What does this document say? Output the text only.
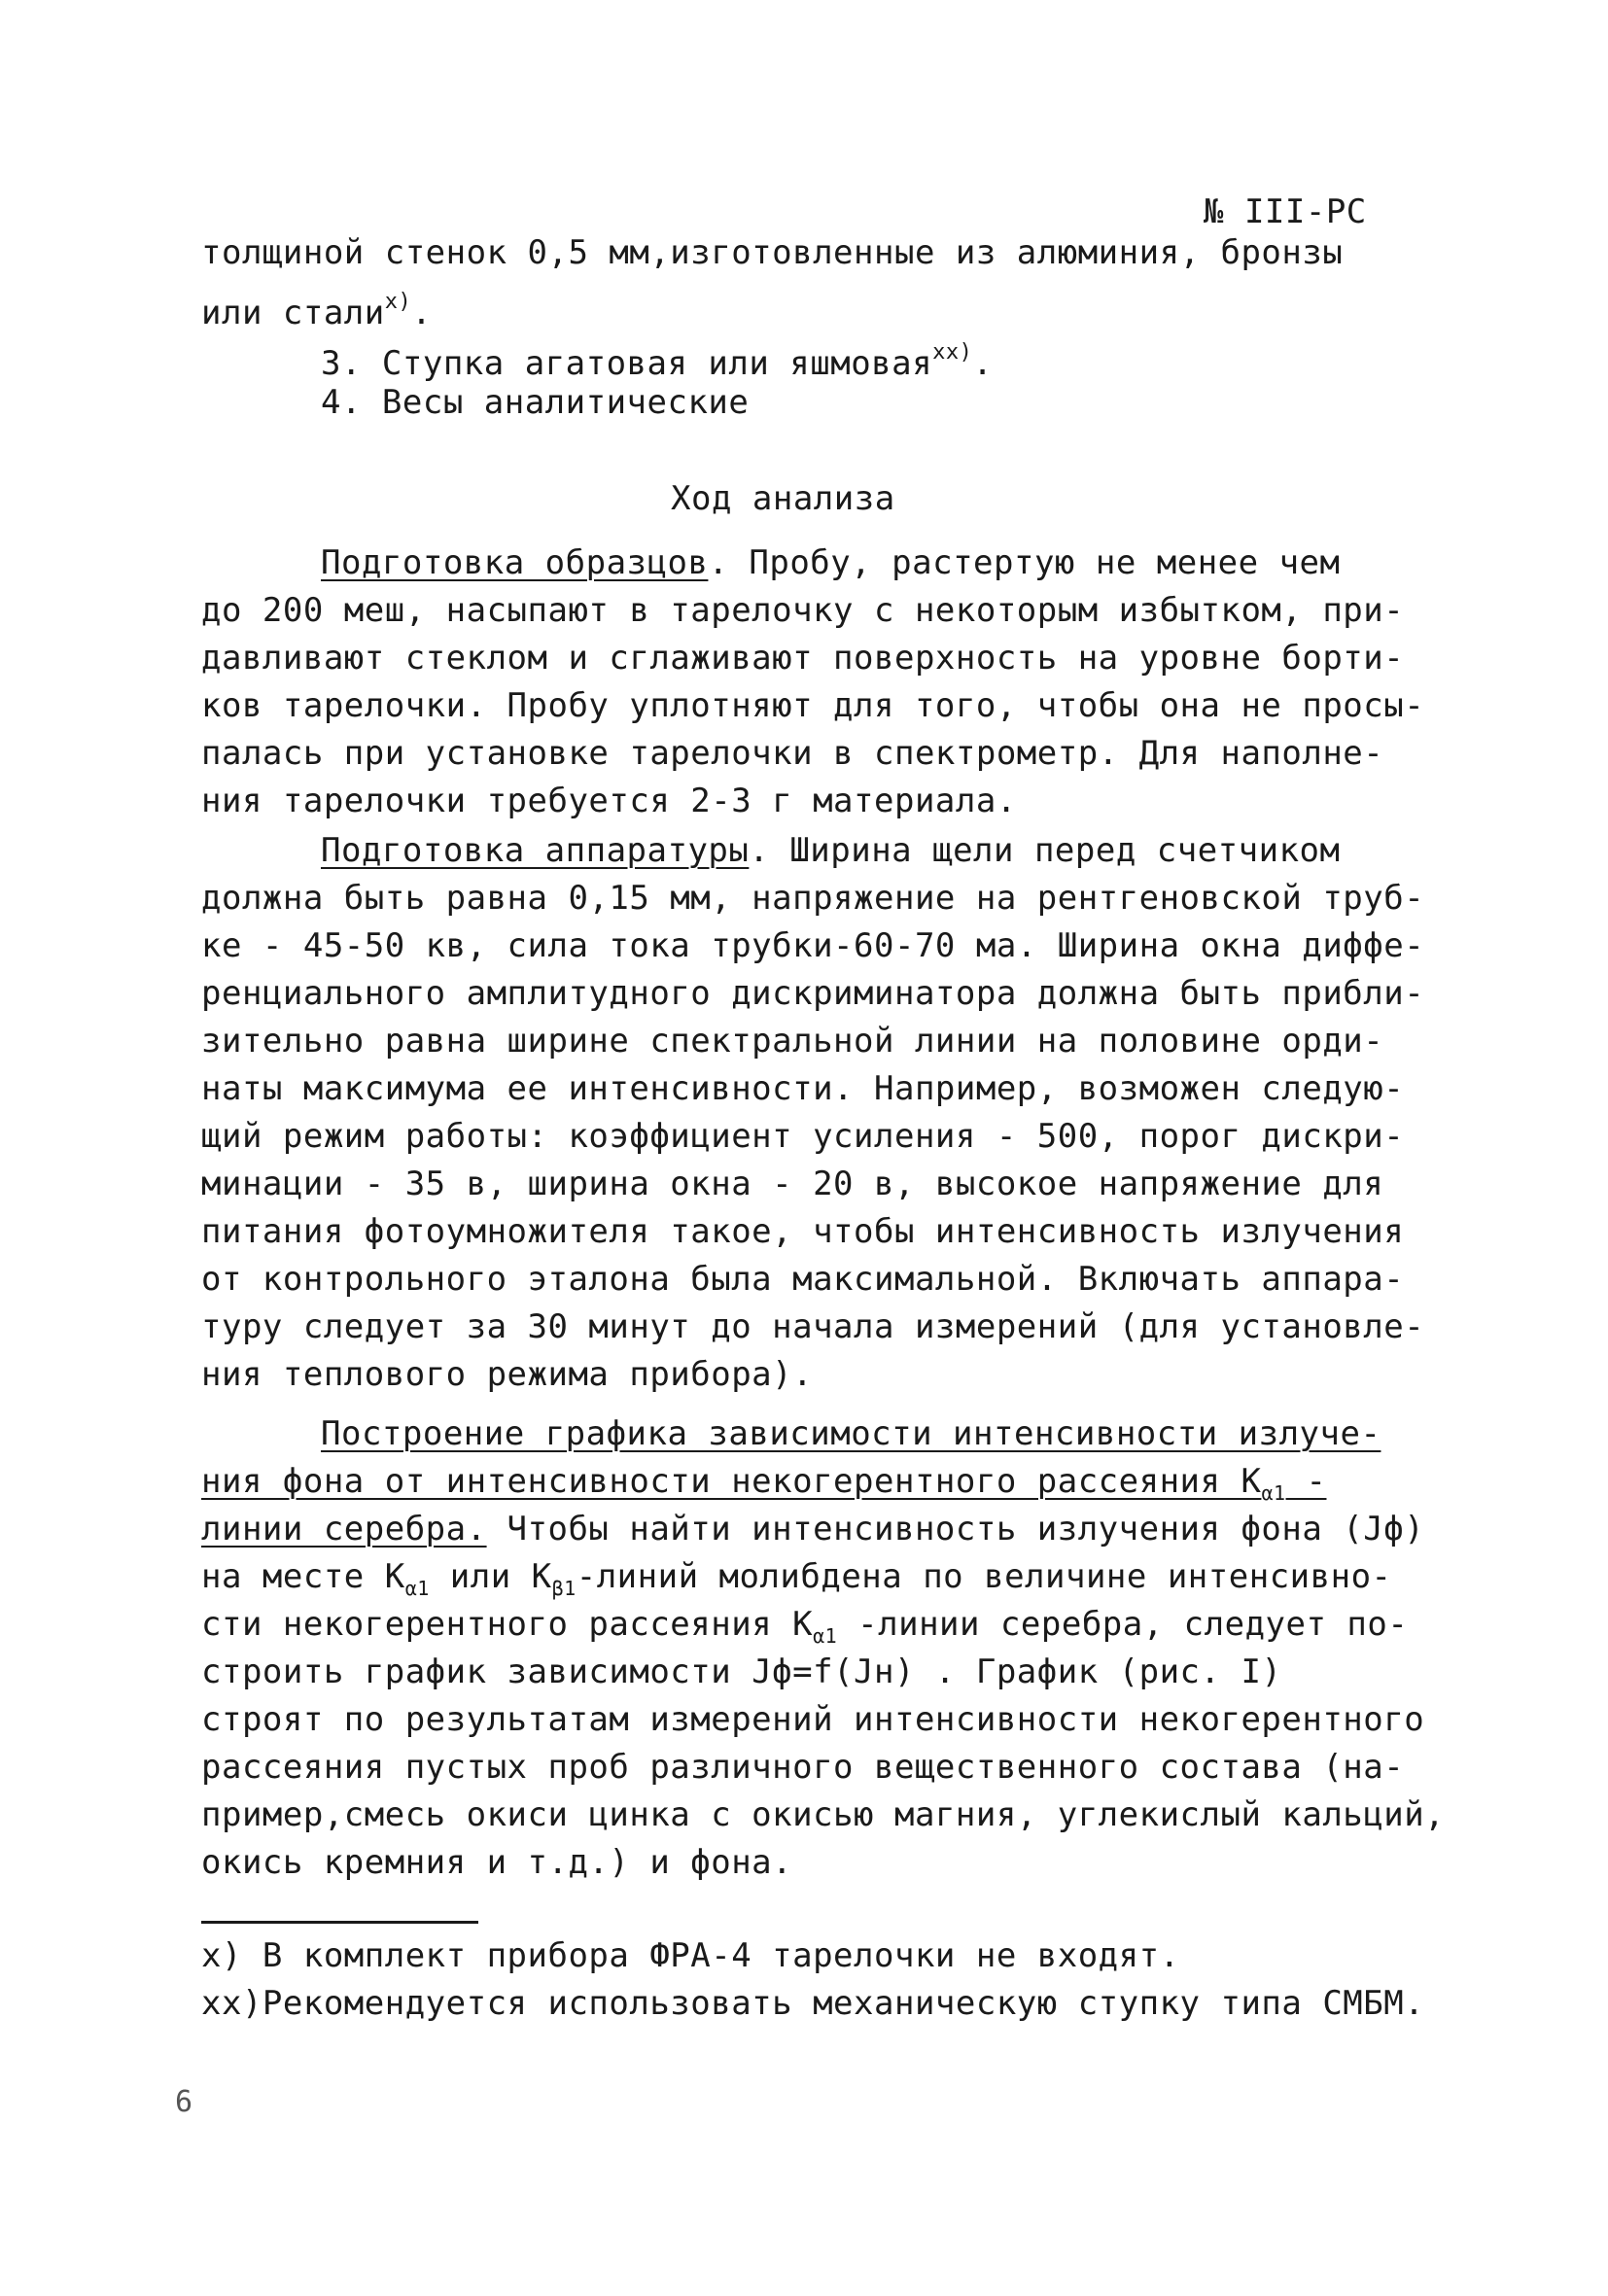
№ III-РС
толщиной стенок 0,5 мм,изготовленные из алюминия, бронзы
или стали$^{x)}$.
3. Ступка агатовая или яшмовая$^{xx)}$.
4. Весы аналитические
Ход анализа
Подготовка образцов. Пробу, растертую не менее чем
до 200 меш, насыпают в тарелочку с некоторым избытком, при-
давливают стеклом и сглаживают поверхность на уровне борти-
ков тарелочки. Пробу уплотняют для того, чтобы она не просы-
палась при установке тарелочки в спектрометр. Для наполне-
ния тарелочки требуется 2-3 г материала.
Подготовка аппаратуры. Ширина щели перед счетчиком
должна быть равна 0,15 мм, напряжение на рентгеновской труб-
ке - 45-50 кв, сила тока трубки-60-70 ма. Ширина окна диффе-
ренциального амплитудного дискриминатора должна быть прибли-
зительно равна ширине спектральной линии на половине орди-
наты максимума ее интенсивности. Например, возможен следую-
щий режим работы: коэффициент усиления - 500, порог дискри-
минации - 35 в, ширина окна - 20 в, высокое напряжение для
питания фотоумножителя такое, чтобы интенсивность излучения
от контрольного эталона была максимальной. Включать аппара-
туру следует за 30 минут до начала измерений (для установле-
ния теплового режима прибора).
Построение графика зависимости интенсивности излуче-
ния фона от интенсивности некогерентного рассеяния $K_{\alpha 1}$ -
линии серебра. Чтобы найти интенсивность излучения фона (Jф)
на месте $K_{\alpha 1}$ или $K_{\beta 1}$-линий молибдена по величине интенсивно-
сти некогерентного рассеяния $K_{\alpha 1}$ -линии серебра, следует по-
строить график зависимости Jф=f(Jн) . График (рис. I)
строят по результатам измерений интенсивности некогерентного
рассеяния пустых проб различного вещественного состава (на-
пример,смесь окиси цинка с окисью магния, углекислый кальций,
окись кремния и т.д.) и фона.
x) В комплект прибора ФРА-4 тарелочки не входят.
xx)Рекомендуется использовать механическую ступку типа СМБМ.
6
